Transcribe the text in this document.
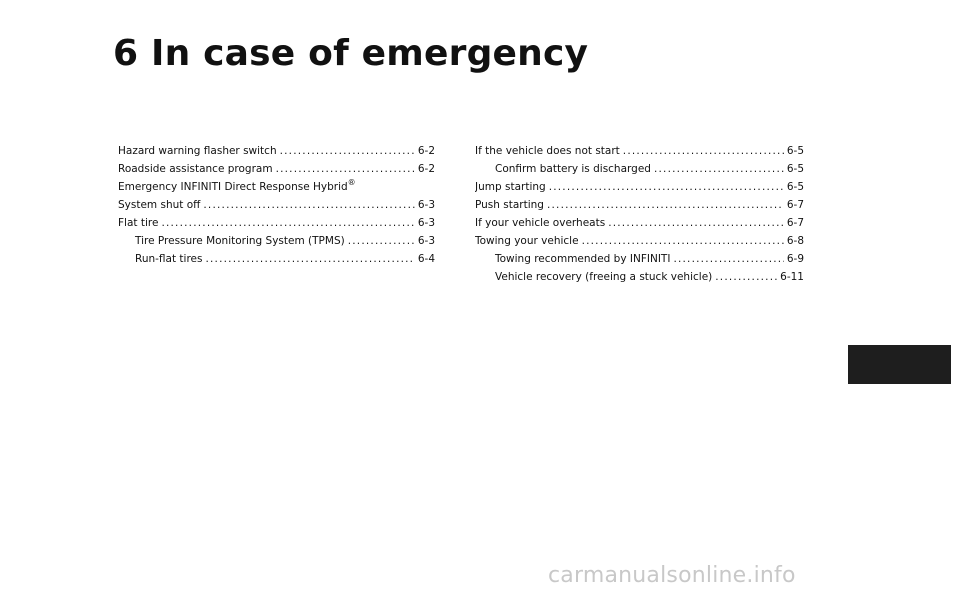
6 In case of emergency
Hazard warning flasher switch .....	6-2
Roadside assistance program .....	6-2
Emergency INFINITI Direct Response Hybrid®
System shut off .....	6-3
Flat tire .....	6-3
Tire Pressure Monitoring System (TPMS) .....	6-3
Run-flat tires .....	6-4
If the vehicle does not start .....	6-5
Confirm battery is discharged .....	6-5
Jump starting .....	6-5
Push starting .....	6-7
If your vehicle overheats .....	6-7
Towing your vehicle .....	6-8
Towing recommended by INFINITI .....	6-9
Vehicle recovery (freeing a stuck vehicle) .....	6-11
carmanualsonline.info
